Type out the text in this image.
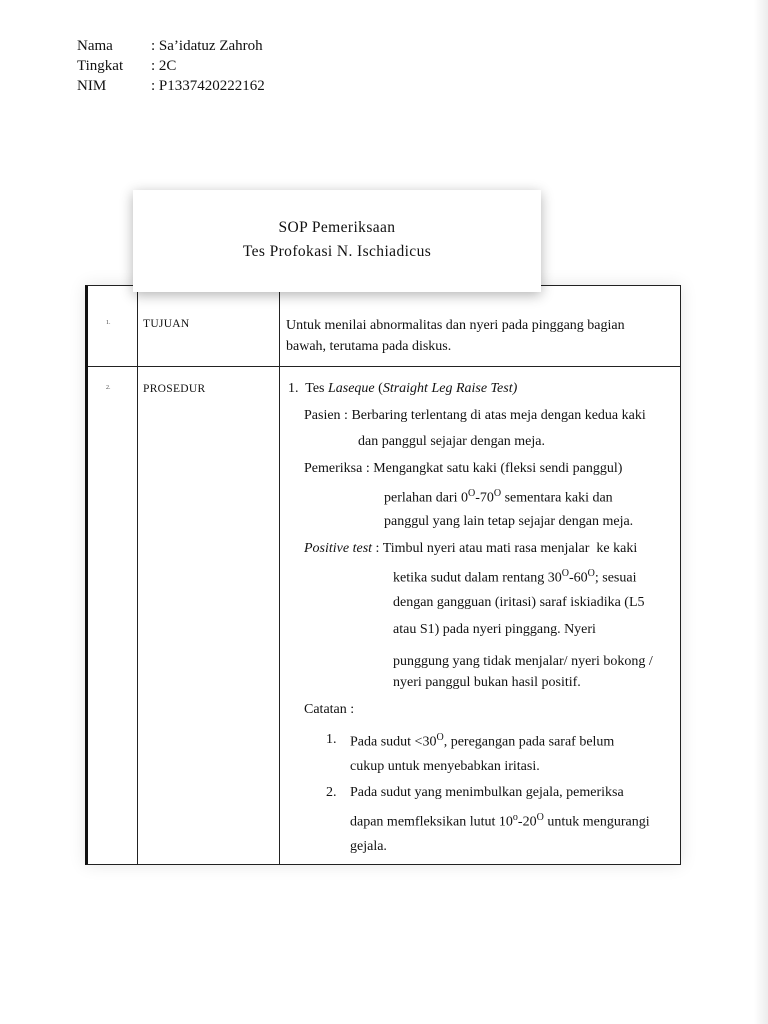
Nama	: Sa’idatuz Zahroh
Tingkat	: 2C
NIM	: P1337420222162
SOP Pemeriksaan
Tes Profokasi N. Ischiadicus
1.	TUJUAN	Untuk menilai abnormalitas dan nyeri pada pinggang bagian
bawah, terutama pada diskus.
2.	PROSEDUR	1.  Tes Laseque (Straight Leg Raise Test)
Pasien : Berbaring terlentang di atas meja dengan kedua kaki
dan panggul sejajar dengan meja.
Pemeriksa : Mengangkat satu kaki (fleksi sendi panggul)
perlahan dari $0^O-70^O$ sementara kaki dan
panggul yang lain tetap sejajar dengan meja.
Positive test : Timbul nyeri atau mati rasa menjalar  ke kaki
ketika sudut dalam rentang $30^O-60^O$; sesuai
dengan gangguan (iritasi) saraf iskiadika (L5
atau S1) pada nyeri pinggang. Nyeri
punggung yang tidak menjalar/ nyeri bokong /
nyeri panggul bukan hasil positif.
Catatan :
1. Pada sudut $<30^O$, peregangan pada saraf belum
cukup untuk menyebabkan iritasi.
2. Pada sudut yang menimbulkan gejala, pemeriksa
dapan memfleksikan lutut $10^o-20^O$ untuk mengurangi
gejala.
